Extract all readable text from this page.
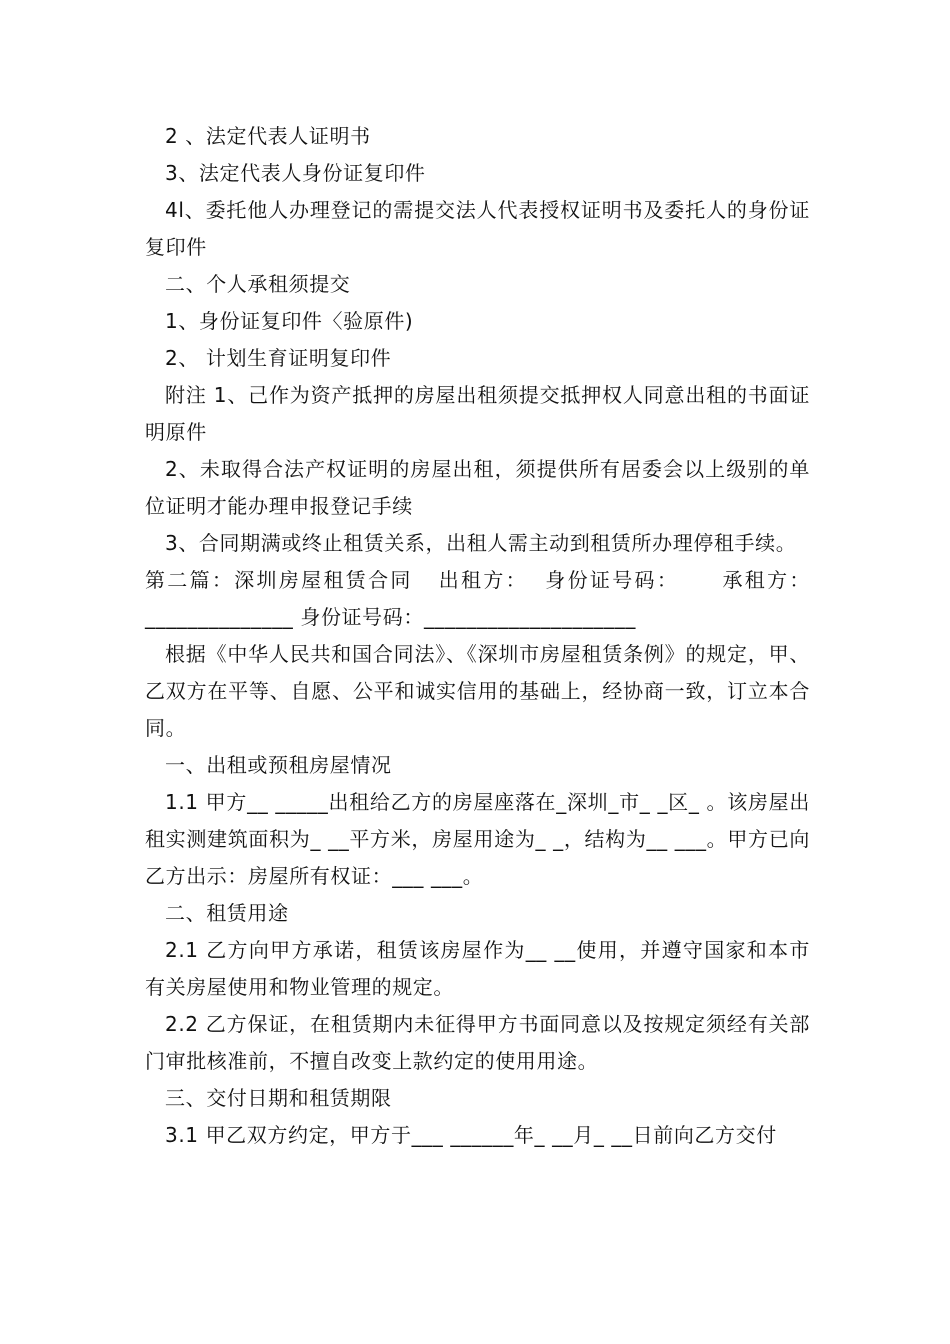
2 、法定代表人证明书

3、法定代表人身份证复印件

4l、委托他人办理登记的需提交法人代表授权证明书及委托人的身份证复印件

二、个人承租须提交

1、身份证复印件〈验原件)

2、 计划生育证明复印件

附注 1、己作为资产抵押的房屋出租须提交抵押权人同意出租的书面证明原件

2、未取得合法产权证明的房屋出租，须提供所有居委会以上级别的单位证明才能办理申报登记手续

3、合同期满或终止租赁关系，出租人需主动到租赁所办理停租手续。

第二篇：深圳房屋租赁合同   出租方：  身份证号码：     承租方：______________ 身份证号码：____________________

根据《中华人民共和国合同法》、《深圳市房屋租赁条例》的规定，甲、乙双方在平等、自愿、公平和诚实信用的基础上，经协商一致，订立本合同。

一、出租或预租房屋情况

1.1 甲方__ _____出租给乙方的房屋座落在_深圳_市_ _区_ 。该房屋出租实测建筑面积为_ __平方米，房屋用途为_ _，结构为__ ___。甲方已向乙方出示：房屋所有权证：___ ___。

二、租赁用途

2.1 乙方向甲方承诺，租赁该房屋作为__ __使用，并遵守国家和本市有关房屋使用和物业管理的规定。

2.2 乙方保证，在租赁期内未征得甲方书面同意以及按规定须经有关部门审批核准前，不擅自改变上款约定的使用用途。

三、交付日期和租赁期限

3.1 甲乙双方约定，甲方于___ ______年_ __月_ __日前向乙方交付
